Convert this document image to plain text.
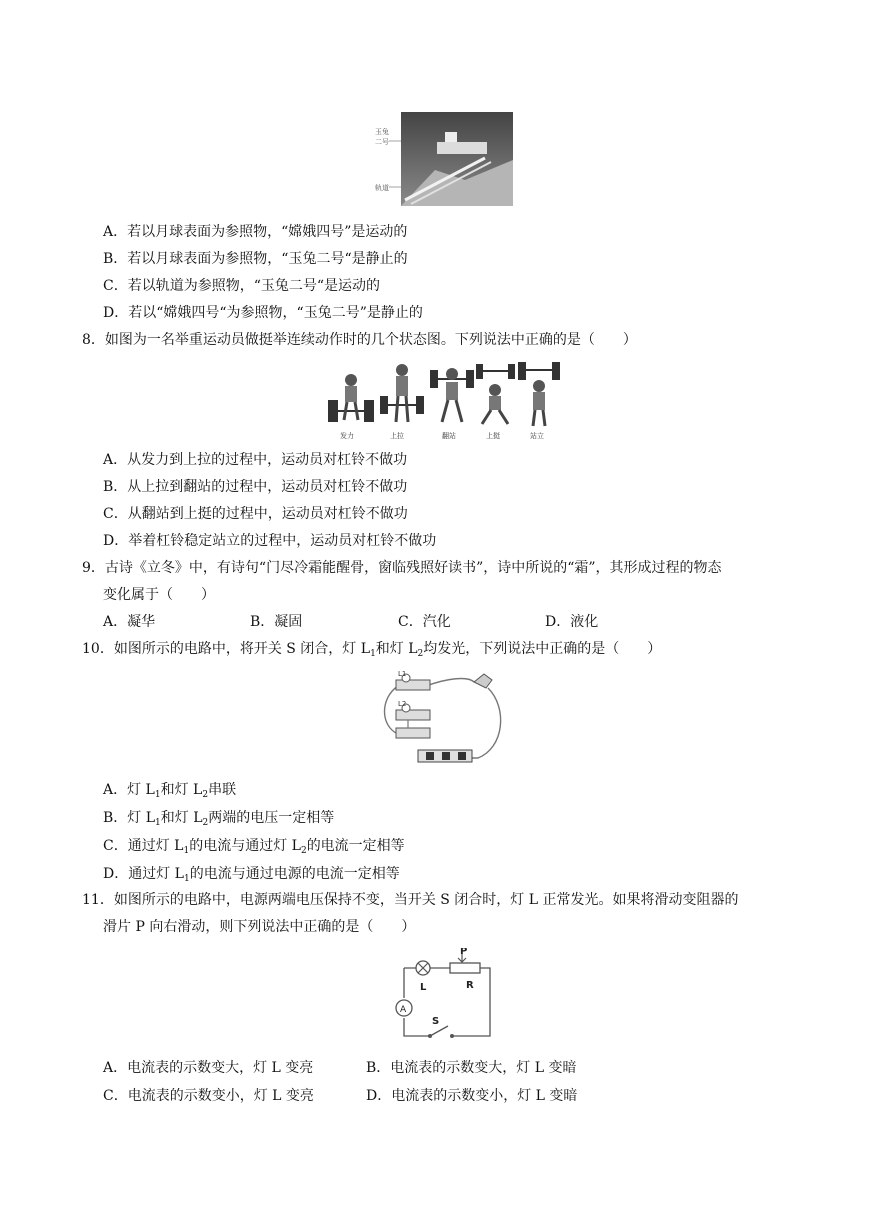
玉兔
二号
轨道
A．若以月球表面为参照物，“嫦娥四号”是运动的
B．若以月球表面为参照物，“玉兔二号“是静止的
C．若以轨道为参照物，“玉兔二号“是运动的
D．若以“嫦娥四号“为参照物，“玉兔二号”是静止的
8．如图为一名举重运动员做挺举连续动作时的几个状态图。下列说法中正确的是（　　）
发力	上拉	翻站	上挺	站立
A．从发力到上拉的过程中，运动员对杠铃不做功
B．从上拉到翻站的过程中，运动员对杠铃不做功
C．从翻站到上挺的过程中，运动员对杠铃不做功
D．举着杠铃稳定站立的过程中，运动员对杠铃不做功
9．古诗《立冬》中，有诗句“门尽冷霜能醒骨，窗临残照好读书”，诗中所说的“霜”，其形成过程的物态
变化属于（　　）
A．凝华	B．凝固	C．汽化	D．液化
10．如图所示的电路中，将开关 S 闭合，灯 $L_1$和灯 $L_2$均发光，下列说法中正确的是（　　）
L1
L2
A．灯 $L_1$和灯 $L_2$串联
B．灯 $L_1$和灯 $L_2$两端的电压一定相等
C．通过灯 $L_1$的电流与通过灯 $L_2$的电流一定相等
D．通过灯 $L_1$的电流与通过电源的电流一定相等
11．如图所示的电路中，电源两端电压保持不变，当开关 S 闭合时，灯 L 正常发光。如果将滑动变阻器的
滑片 P 向右滑动，则下列说法中正确的是（　　）
P
R
L
A
S
A．电流表的示数变大，灯 L 变亮	B．电流表的示数变大，灯 L 变暗
C．电流表的示数变小，灯 L 变亮	D．电流表的示数变小，灯 L 变暗
